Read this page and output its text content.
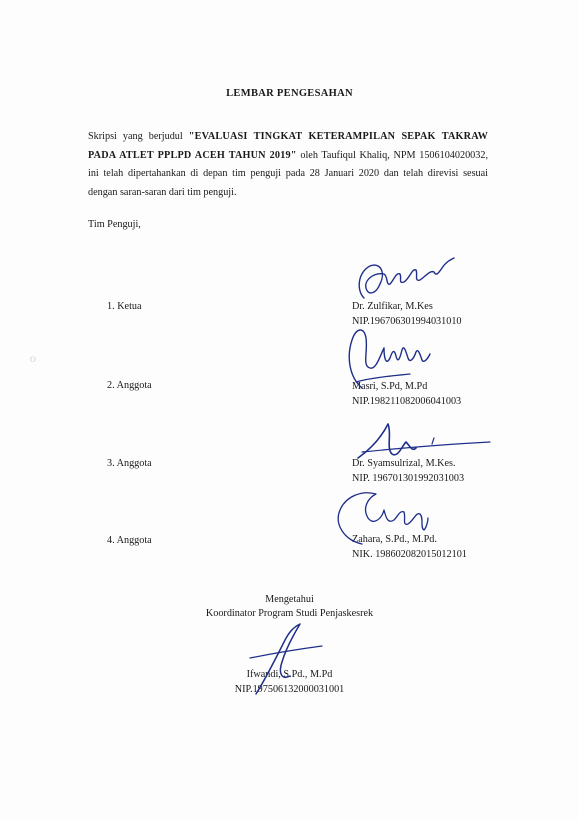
LEMBAR PENGESAHAN
Skripsi yang berjudul "EVALUASI TINGKAT KETERAMPILAN SEPAK TAKRAW PADA ATLET PPLPD ACEH TAHUN 2019" oleh Taufiqul Khaliq, NPM 1506104020032, ini telah dipertahankan di depan tim penguji pada 28 Januari 2020 dan telah direvisi sesuai dengan saran-saran dari tim penguji.
Tim Penguji,
1. Ketua	Dr. Zulfikar, M.Kes
NIP.196706301994031010
2. Anggota	Masri, S.Pd, M.Pd
NIP.198211082006041003
3. Anggota	Dr. Syamsulrizal, M.Kes.
NIP. 196701301992031003
4. Anggota	Zahara, S.Pd., M.Pd.
NIK. 198602082015012101
Mengetahui
Koordinator Program Studi Penjaskesrek
Ifwandi, S.Pd., M.Pd
NIP.197506132000031001
O
